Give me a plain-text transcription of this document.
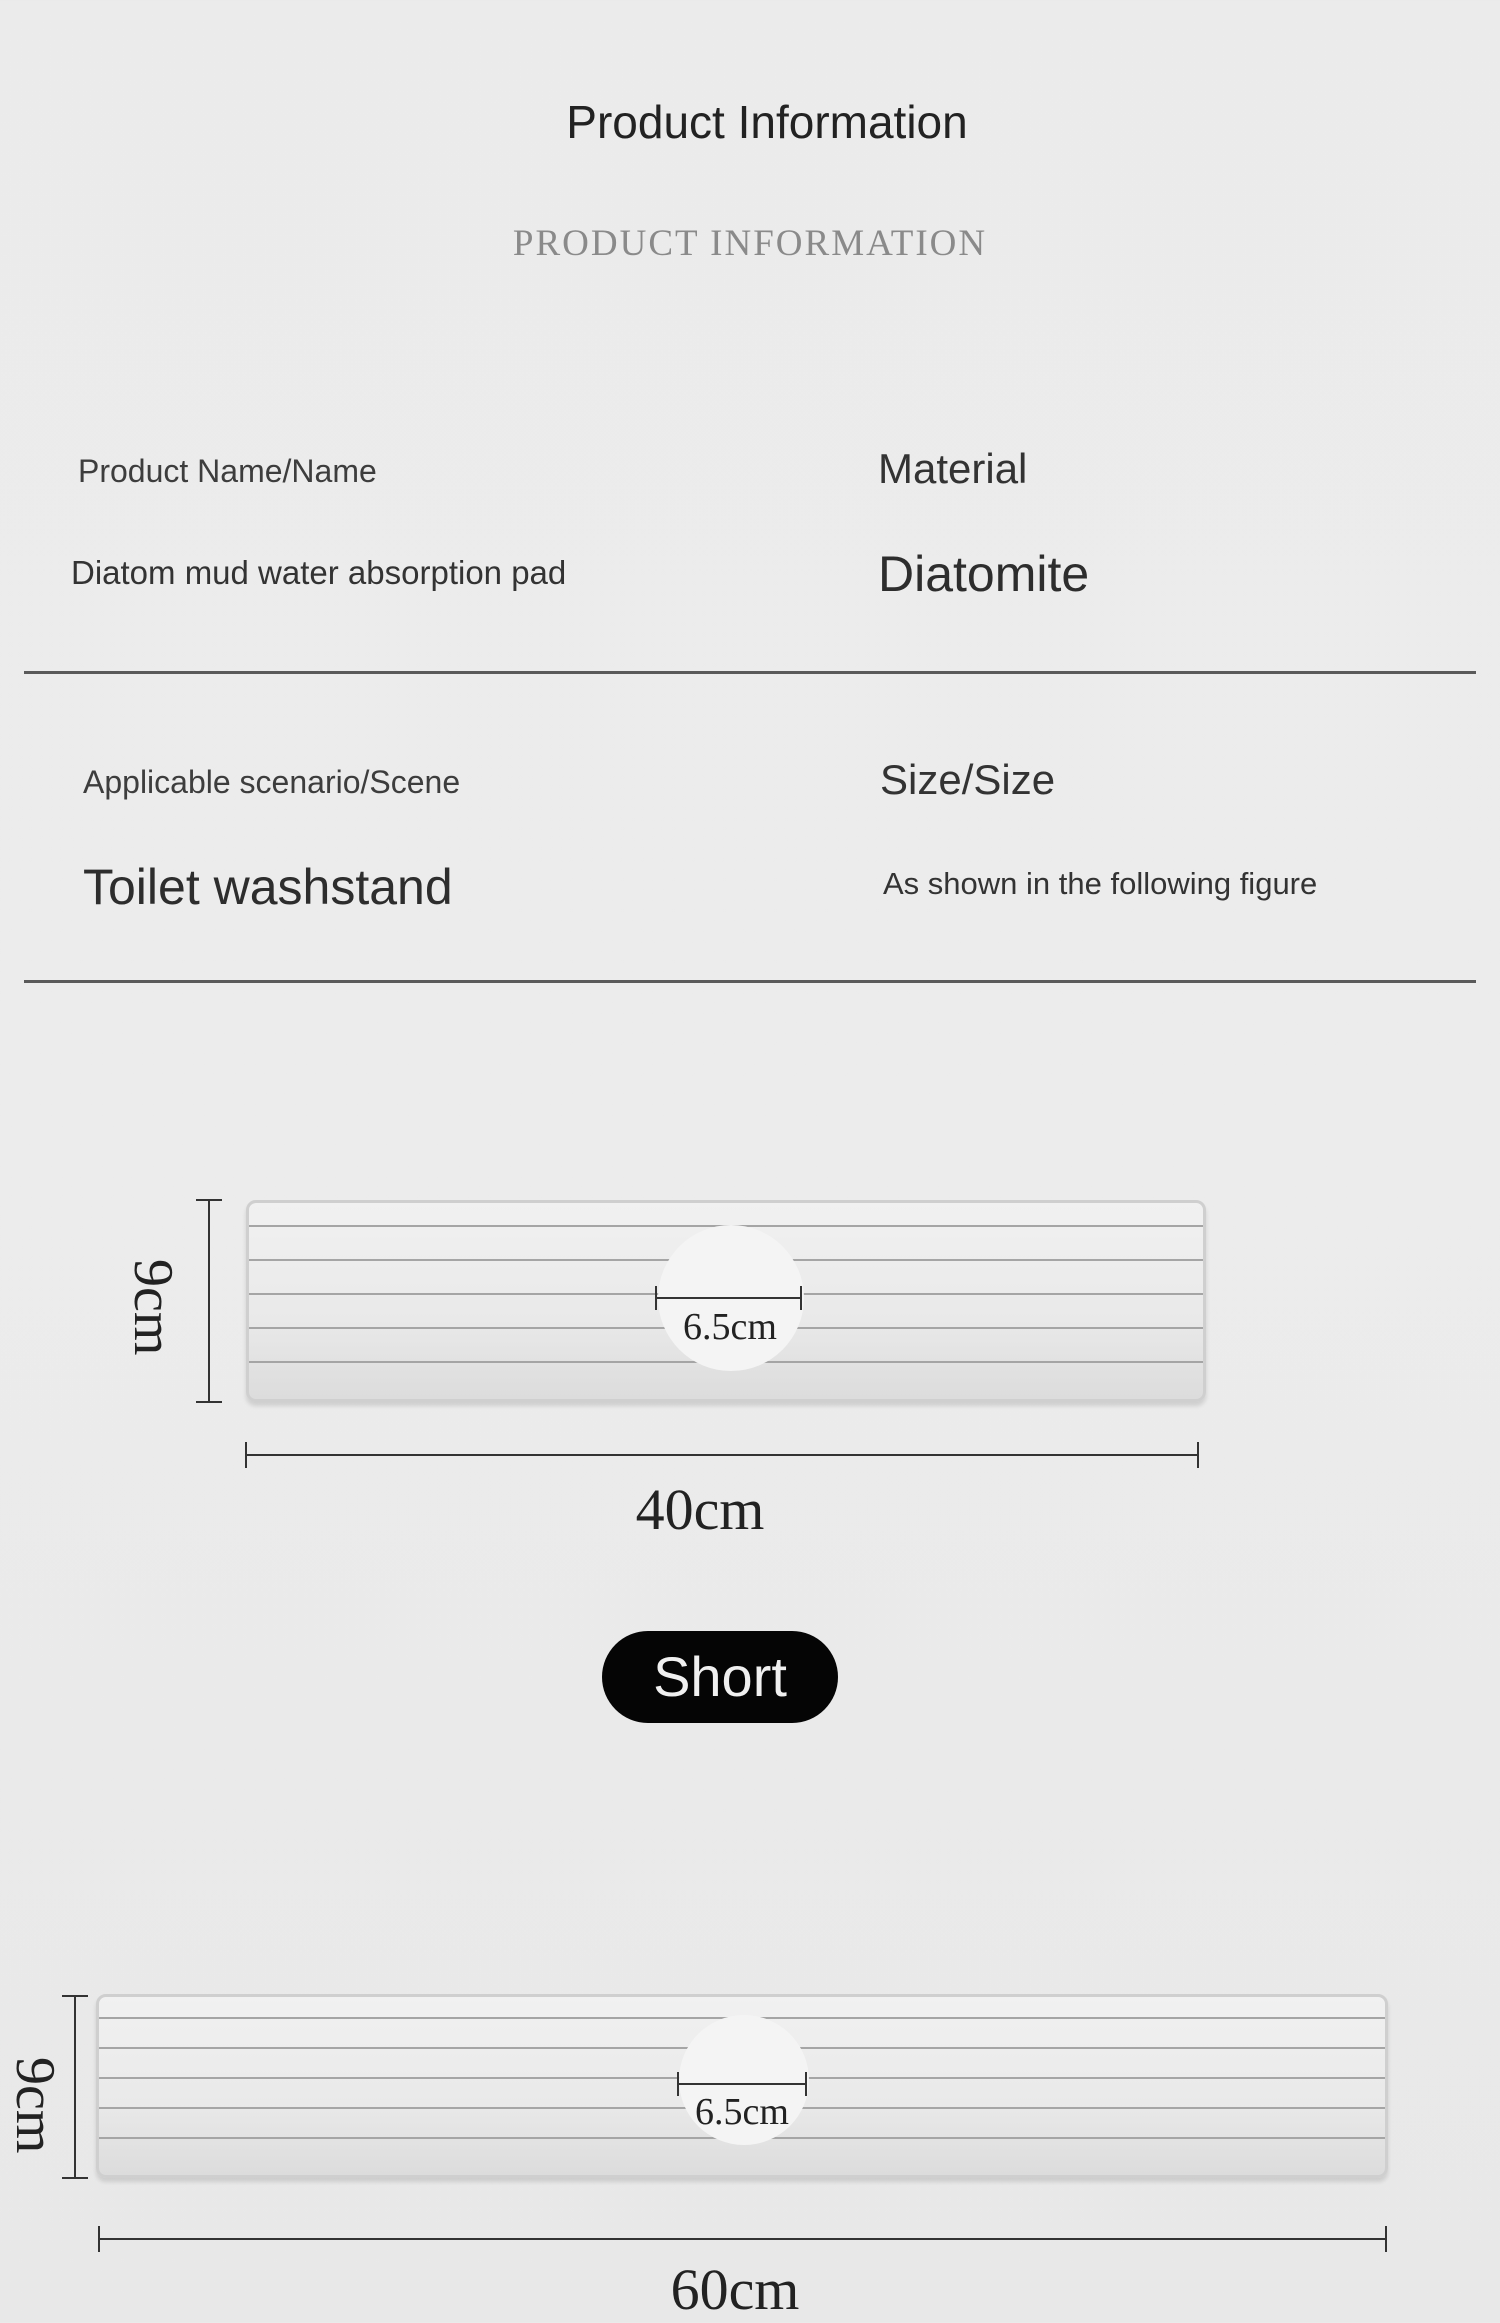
Product Information
PRODUCT INFORMATION
Product Name/Name
Diatom mud water absorption pad
Material
Diatomite
Applicable scenario/Scene
Toilet washstand
Size/Size
As shown in the following figure
9cm	6.5cm
40cm
Short
9cm	6.5cm
60cm
